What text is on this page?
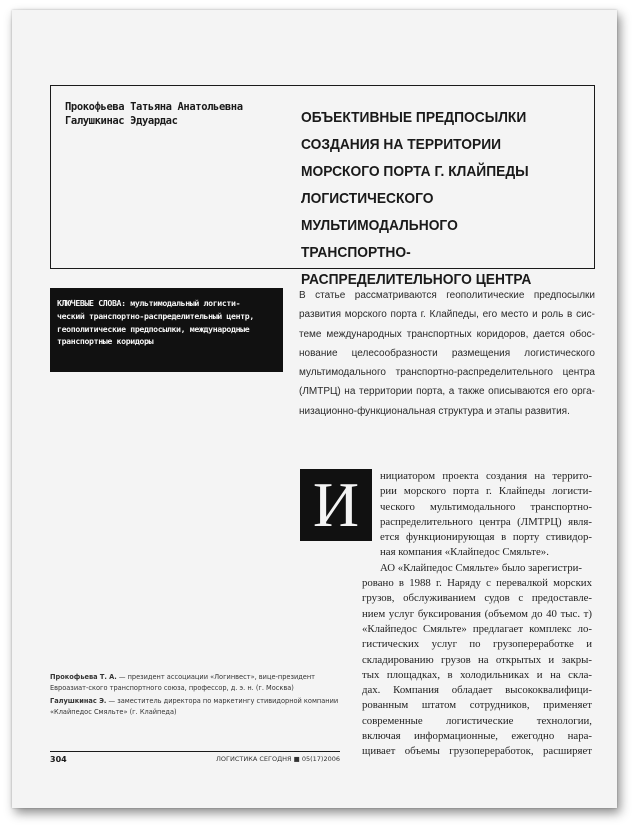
Прокофьева Татьяна Анатольевна
Галушкинас Эдуардас	ОБЪЕКТИВНЫЕ ПРЕДПОСЫЛКИ
СОЗДАНИЯ НА ТЕРРИТОРИИ
МОРСКОГО ПОРТА Г. КЛАЙПЕДЫ
ЛОГИСТИЧЕСКОГО
МУЛЬТИМОДАЛЬНОГО ТРАНСПОРТНО-
РАСПРЕДЕЛИТЕЛЬНОГО ЦЕНТРА
КЛЮЧЕВЫЕ СЛОВА: мультимодальный логисти-
ческий транспортно-распределительный центр,
геополитические предпосылки, международные
транспортные коридоры
В статье рассматриваются геополитические предпосылки
развития морского порта г. Клайпеды, его место и роль в сис-
теме международных транспортных коридоров, дается обос-
нование целесообразности размещения логистического
мультимодального транспортно-распределительного центра
(ЛМТРЦ) на территории порта, а также описываются его орга-
низационно-функциональная структура и этапы развития.
нициатором проекта создания на террито-
рии морского порта г. Клайпеды логисти-
ческого мультимодального транспортно-
распределительного центра (ЛМТРЦ) явля-
ется функционирующая в порту стивидор-
ная компания «Клайпедос Смяльте».
АО «Клайпедос Смяльте» было зарегистри-
ровано в 1988 г. Наряду с перевалкой морских
грузов, обслуживанием судов с предоставле-
нием услуг буксирования (объемом до 40 тыс. т)
«Клайпедос Смяльте» предлагает комплекс ло-
гистических услуг по грузопереработке и
складированию грузов на открытых и закры-
тых площадках, в холодильниках и на скла-
дах. Компания обладает высококвалифици-
рованным штатом сотрудников, применяет
современные логистические технологии,
включая информационные, ежегодно нара-
щивает объемы грузопереработок, расширяет
И

Прокофьева Т. А. — президент ассоциации «Логинвест», вице-президент Евроазиат-ского транспортного союза, профессор, д. э. н. (г. Москва)

Галушкинас Э. — заместитель директора по маркетингу стивидорной компании «Клайпедос Смяльте» (г. Клайпеда)

304	ЛОГИСТИКА СЕГОДНЯ ■ 05(17)2006
